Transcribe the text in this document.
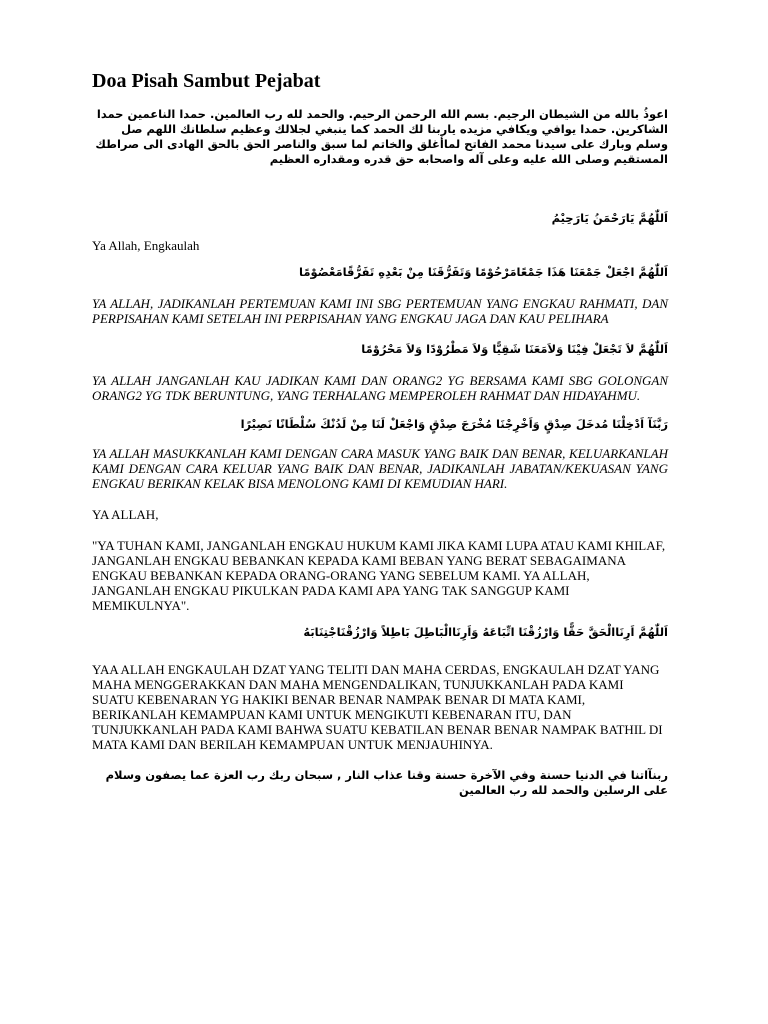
Doa Pisah Sambut Pejabat

اعوذُ بالله من الشيطان الرجيم. بسم الله الرحمن الرحيم. والحمد لله رب العالمين. حمدا الناعمين حمدا الشاكرين. حمدا يوافي ويكافي مزيده ياربنا لك الحمد كما ينبغي لجلالك وعظيم سلطانك اللهم صل وسلم وبارك على سيدنا محمد الفاتح لماأغلق والخاتم لما سبق والناصر الحق بالحق الهادى الى صراطك المستقيم وصلى الله عليه وعلى آله واصحابه حق قدره ومقداره العظيم

اَللّٰهُمَّ يَارَحْمَنُ يَارَحِيْمُ

Ya Allah, Engkaulah

اَللّٰهُمَّ اجْعَلْ جَمْعَنَا هَذَا جَمْعًامَرْحُوْمًا وَتَفَرُّقَنَا مِنْ بَعْدِهِ تَفَرُّقًامَعْصُوْمًا

YA ALLAH, JADIKANLAH PERTEMUAN KAMI INI SBG PERTEMUAN YANG ENGKAU RAHMATI, DAN PERPISAHAN KAMI SETELAH INI PERPISAHAN YANG ENGKAU JAGA DAN KAU PELIHARA

اَللّٰهُمَّ لاَ تَجْعَلْ فِيْنَا وَلاَمَعَنَا شَقِيًّا وَلاَ مَطْرُوْدًا وَلاَ مَحْرُوْمًا

YA ALLAH JANGANLAH KAU JADIKAN KAMI DAN ORANG2 YG BERSAMA KAMI SBG GOLONGAN ORANG2 YG TDK BERUNTUNG, YANG TERHALANG MEMPEROLEH RAHMAT DAN HIDAYAHMU.

رَبَّنَآ اَدْخِلْنَا مُدخَلَ صِدْقٍ وَاَخْرِجْنَا مُخْرَجَ صِدْقٍ وَاجْعَلْ لَنَا مِنْ لَدُنْكَ سُلْطَانًا نَصِيْرًا

YA ALLAH MASUKKANLAH KAMI DENGAN CARA MASUK YANG BAIK DAN BENAR, KELUARKANLAH KAMI DENGAN CARA KELUAR YANG BAIK DAN BENAR, JADIKANLAH JABATAN/KEKUASAN YANG ENGKAU BERIKAN KELAK BISA MENOLONG KAMI DI KEMUDIAN HARI.

YA ALLAH,

"YA TUHAN KAMI, JANGANLAH ENGKAU HUKUM KAMI JIKA KAMI LUPA ATAU KAMI KHILAF, JANGANLAH ENGKAU BEBANKAN KEPADA KAMI BEBAN YANG BERAT SEBAGAIMANA ENGKAU BEBANKAN KEPADA ORANG-ORANG YANG SEBELUM KAMI. YA ALLAH, JANGANLAH ENGKAU PIKULKAN PADA KAMI APA YANG TAK SANGGUP KAMI MEMIKULNYA".

اَللّٰهُمَّ اَرِنَاالْحَقَّ حَقًّا وَارْزُقْنَا اتِّبَاعَهُ وَاَرِنَاالْبَاطِلَ بَاطِلاً وَارْزُقْنَاجْتِنَابَهُ

YAA ALLAH ENGKAULAH DZAT YANG TELITI DAN MAHA CERDAS, ENGKAULAH DZAT YANG MAHA MENGGERAKKAN DAN MAHA MENGENDALIKAN, TUNJUKKANLAH PADA KAMI SUATU KEBENARAN YG HAKIKI BENAR BENAR NAMPAK BENAR DI MATA KAMI, BERIKANLAH KEMAMPUAN KAMI UNTUK MENGIKUTI KEBENARAN ITU, DAN TUNJUKKANLAH PADA KAMI BAHWA SUATU KEBATILAN BENAR BENAR NAMPAK BATHIL DI MATA KAMI DAN BERILAH KEMAMPUAN UNTUK MENJAUHINYA.

ربنآاتنا في الدنيا حسنة وفي الآخرة حسنة وقنا عذاب النار , سبحان ربك رب العزة عما يصفون وسلام على الرسلين والحمد لله رب العالمين
